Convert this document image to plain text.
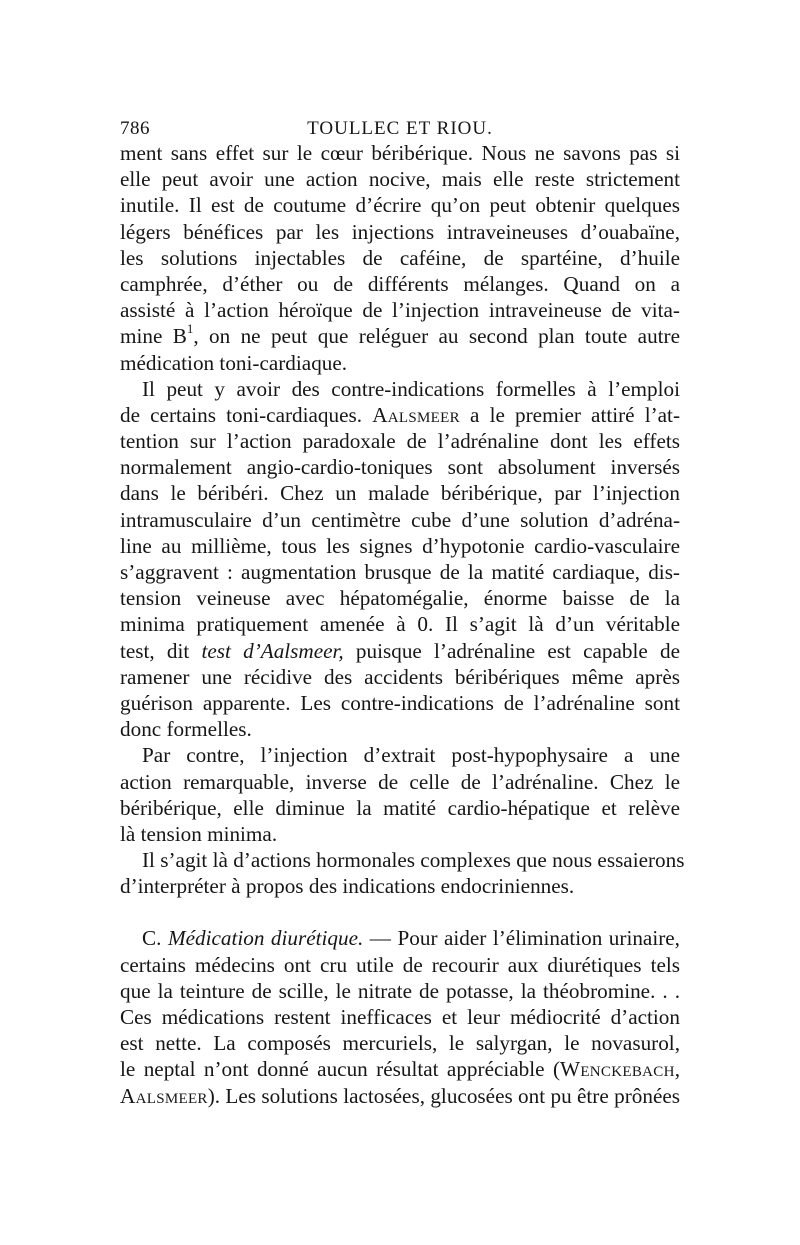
786	TOULLEC ET RIOU.
ment sans effet sur le cœur béribérique. Nous ne savons pas si
elle peut avoir une action nocive, mais elle reste strictement
inutile. Il est de coutume d’écrire qu’on peut obtenir quelques
légers bénéfices par les injections intraveineuses d’ouabaïne,
les solutions injectables de caféine, de spartéine, d’huile
camphrée, d’éther ou de différents mélanges. Quand on a
assisté à l’action héroïque de l’injection intraveineuse de vita-
mine $B^1$, on ne peut que reléguer au second plan toute autre
médication toni-cardiaque.
Il peut y avoir des contre-indications formelles à l’emploi
de certains toni-cardiaques. Aalsmeer a le premier attiré l’at-
tention sur l’action paradoxale de l’adrénaline dont les effets
normalement angio-cardio-toniques sont absolument inversés
dans le béribéri. Chez un malade béribérique, par l’injection
intramusculaire d’un centimètre cube d’une solution d’adréna-
line au millième, tous les signes d’hypotonie cardio-vasculaire
s’aggravent : augmentation brusque de la matité cardiaque, dis-
tension veineuse avec hépatomégalie, énorme baisse de la
minima pratiquement amenée à 0. Il s’agit là d’un véritable
test, dit test d’Aalsmeer, puisque l’adrénaline est capable de
ramener une récidive des accidents béribériques même après
guérison apparente. Les contre-indications de l’adrénaline sont
donc formelles.
Par contre, l’injection d’extrait post-hypophysaire a une
action remarquable, inverse de celle de l’adrénaline. Chez le
béribérique, elle diminue la matité cardio-hépatique et relève
là tension minima.
Il s’agit là d’actions hormonales complexes que nous essaierons
d’interpréter à propos des indications endocriniennes.
C. Médication diurétique. — Pour aider l’élimination urinaire,
certains médecins ont cru utile de recourir aux diurétiques tels
que la teinture de scille, le nitrate de potasse, la théobromine. . .
Ces médications restent inefficaces et leur médiocrité d’action
est nette. La composés mercuriels, le salyrgan, le novasurol,
le neptal n’ont donné aucun résultat appréciable (Wenckebach,
Aalsmeer). Les solutions lactosées, glucosées ont pu être prônées
